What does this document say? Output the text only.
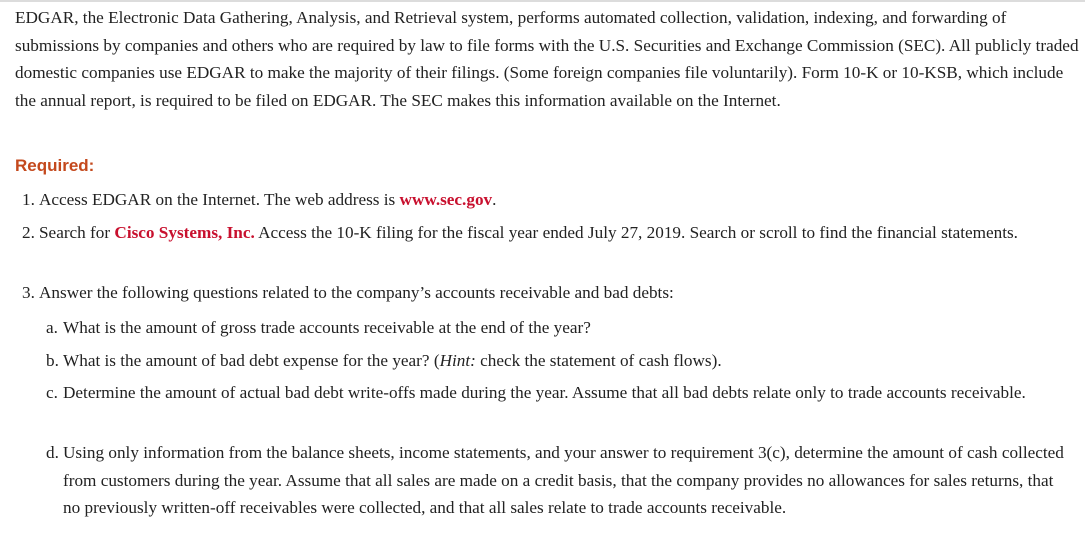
EDGAR, the Electronic Data Gathering, Analysis, and Retrieval system, performs automated collection, validation, indexing, and forwarding of submissions by companies and others who are required by law to file forms with the U.S. Securities and Exchange Commission (SEC). All publicly traded domestic companies use EDGAR to make the majority of their filings. (Some foreign companies file voluntarily). Form 10-K or 10-KSB, which include the annual report, is required to be filed on EDGAR. The SEC makes this information available on the Internet.

Required:

1. Access EDGAR on the Internet. The web address is www.sec.gov.
2. Search for Cisco Systems, Inc. Access the 10-K filing for the fiscal year ended July 27, 2019. Search or scroll to find the financial statements.
3. Answer the following questions related to the company’s accounts receivable and bad debts:
a. What is the amount of gross trade accounts receivable at the end of the year?
b. What is the amount of bad debt expense for the year? (Hint: check the statement of cash flows).
c. Determine the amount of actual bad debt write-offs made during the year. Assume that all bad debts relate only to trade accounts receivable.
d. Using only information from the balance sheets, income statements, and your answer to requirement 3(c), determine the amount of cash collected from customers during the year. Assume that all sales are made on a credit basis, that the company provides no allowances for sales returns, that no previously written-off receivables were collected, and that all sales relate to trade accounts receivable.
